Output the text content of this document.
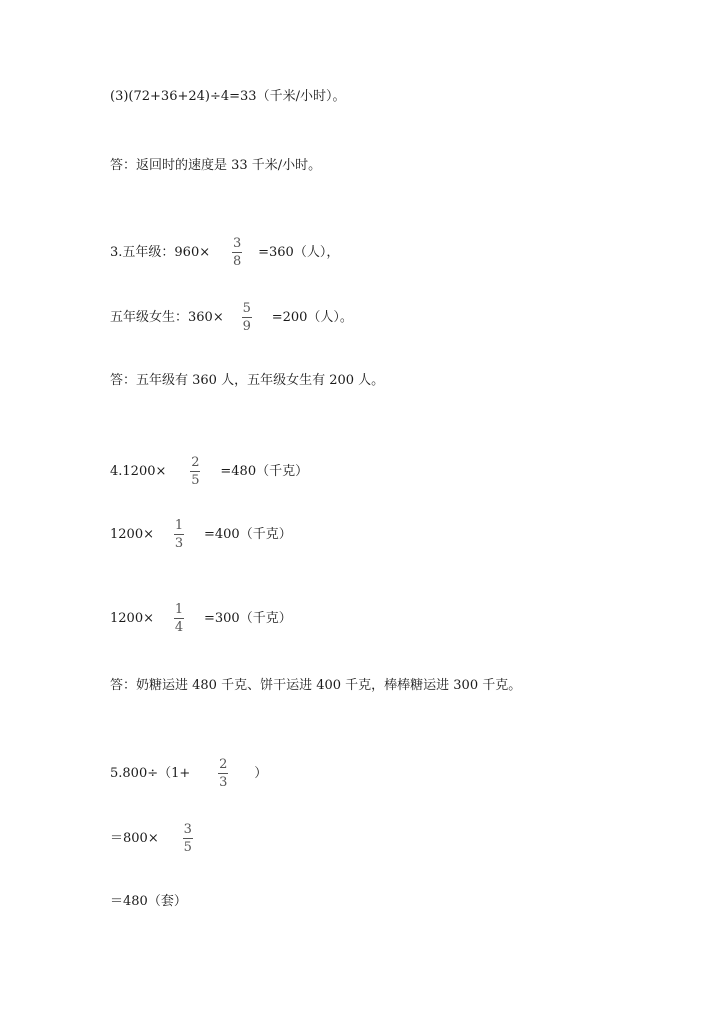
(3)(72+36+24)÷4=33（千米/小时）。
答：返回时的速度是 33 千米/小时。
3.五年级：$960\times \frac{3}{8} =360$（人），
五年级女生：$360\times \frac{5}{9} =200$（人）。
答：五年级有 360 人，五年级女生有 200 人。
$4.1200\times \frac{2}{5} =480$（千克）
$1200\times \frac{1}{3} =400$（千克）
$1200\times \frac{1}{4} =300$（千克）
答：奶糖运进 480 千克、饼干运进 400 千克，棒棒糖运进 300 千克。
$5.800\div(1+ \frac{2}{3}$ ）
$=800\times \frac{3}{5}$
＝480（套）
